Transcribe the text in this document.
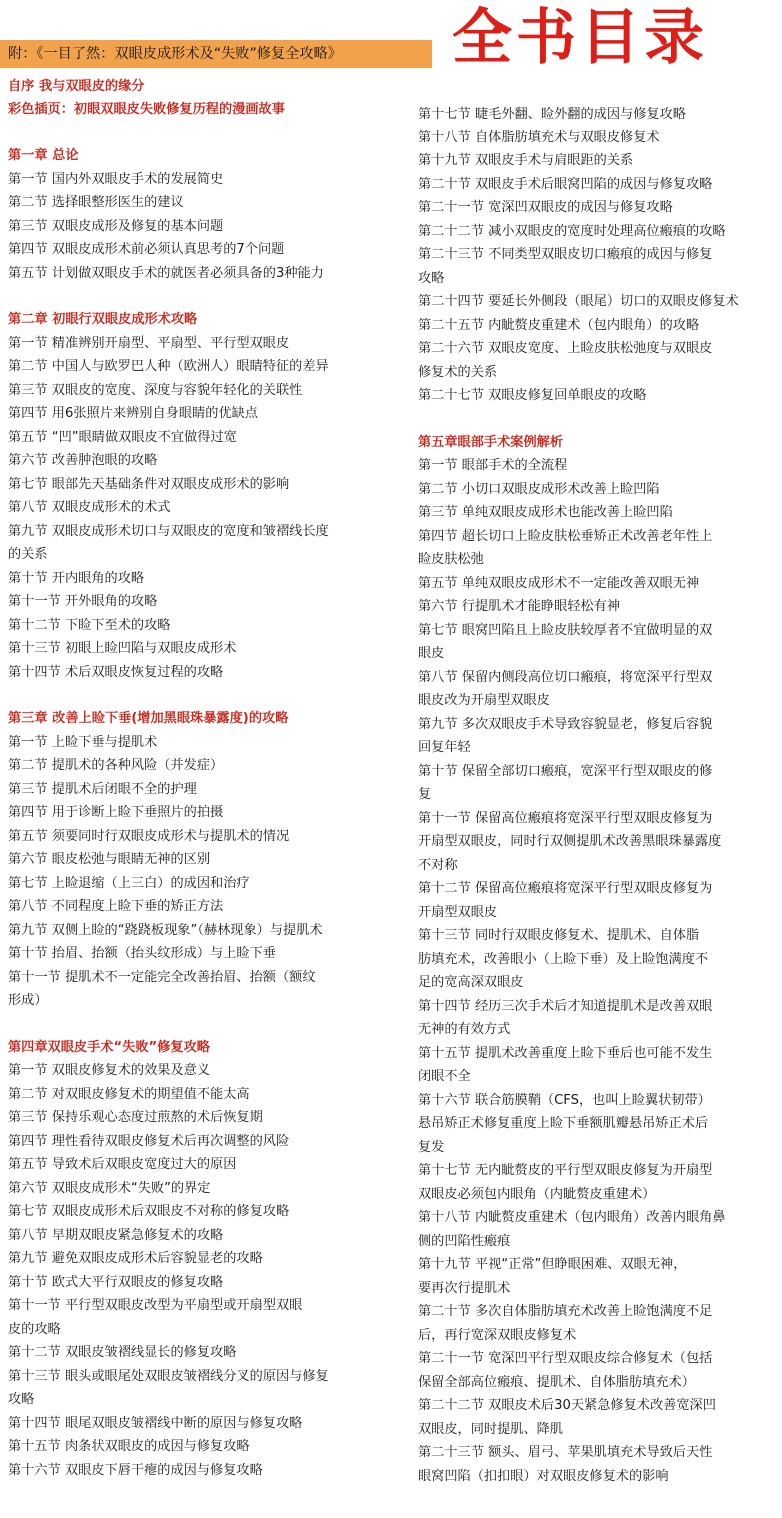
附：《一目了然：双眼皮成形术及“失败”修复全攻略》	全书目录
自序 我与双眼皮的缘分
彩色插页：初眼双眼皮失败修复历程的漫画故事
第一章 总论
第一节 国内外双眼皮手术的发展简史
第二节 选择眼整形医生的建议
第三节 双眼皮成形及修复的基本问题
第四节 双眼皮成形术前必须认真思考的7个问题
第五节 计划做双眼皮手术的就医者必须具备的3种能力
第二章 初眼行双眼皮成形术攻略
第一节 精准辨别开扇型、平扇型、平行型双眼皮
第二节 中国人与欧罗巴人种（欧洲人）眼睛特征的差异
第三节 双眼皮的宽度、深度与容貌年轻化的关联性
第四节 用6张照片来辨别自身眼睛的优缺点
第五节 “凹”眼睛做双眼皮不宜做得过宽
第六节 改善肿泡眼的攻略
第七节 眼部先天基础条件对双眼皮成形术的影响
第八节 双眼皮成形术的术式
第九节 双眼皮成形术切口与双眼皮的宽度和皱褶线长度
的关系
第十节 开内眼角的攻略
第十一节 开外眼角的攻略
第十二节 下睑下至术的攻略
第十三节 初眼上睑凹陷与双眼皮成形术
第十四节 术后双眼皮恢复过程的攻略
第三章 改善上睑下垂(增加黑眼珠暴露度)的攻略
第一节 上睑下垂与提肌术
第二节 提肌术的各种风险（并发症）
第三节 提肌术后闭眼不全的护理
第四节 用于诊断上睑下垂照片的拍摄
第五节 须要同时行双眼皮成形术与提肌术的情况
第六节 眼皮松弛与眼睛无神的区别
第七节 上睑退缩（上三白）的成因和治疗
第八节 不同程度上睑下垂的矫正方法
第九节 双侧上睑的“跷跷板现象”（赫林现象）与提肌术
第十节 抬眉、抬额（抬头纹形成）与上睑下垂
第十一节 提肌术不一定能完全改善抬眉、抬额（额纹
形成）
第四章双眼皮手术“失败”修复攻略
第一节 双眼皮修复术的效果及意义
第二节 对双眼皮修复术的期望值不能太高
第三节 保持乐观心态度过煎熬的术后恢复期
第四节 理性看待双眼皮修复术后再次调整的风险
第五节 导致术后双眼皮宽度过大的原因
第六节 双眼皮成形术“失败”的界定
第七节 双眼皮成形术后双眼皮不对称的修复攻略
第八节 早期双眼皮紧急修复术的攻略
第九节 避免双眼皮成形术后容貌显老的攻略
第十节 欧式大平行双眼皮的修复攻略
第十一节 平行型双眼皮改型为平扇型或开扇型双眼
皮的攻略
第十二节 双眼皮皱褶线显长的修复攻略
第十三节 眼头或眼尾处双眼皮皱褶线分叉的原因与修复
攻略
第十四节 眼尾双眼皮皱褶线中断的原因与修复攻略
第十五节 肉条状双眼皮的成因与修复攻略
第十六节 双眼皮下唇干瘪的成因与修复攻略
第十七节 睫毛外翻、睑外翻的成因与修复攻略
第十八节 自体脂肪填充术与双眼皮修复术
第十九节 双眼皮手术与肩眼距的关系
第二十节 双眼皮手术后眼窝凹陷的成因与修复攻略
第二十一节 宽深凹双眼皮的成因与修复攻略
第二十二节 减小双眼皮的宽度时处理高位瘢痕的攻略
第二十三节 不同类型双眼皮切口瘢痕的成因与修复
攻略
第二十四节 要延长外侧段（眼尾）切口的双眼皮修复术
第二十五节 内眦赘皮重建术（包内眼角）的攻略
第二十六节 双眼皮宽度、上睑皮肤松弛度与双眼皮
修复术的关系
第二十七节 双眼皮修复回单眼皮的攻略
第五章眼部手术案例解析
第一节 眼部手术的全流程
第二节 小切口双眼皮成形术改善上睑凹陷
第三节 单纯双眼皮成形术也能改善上睑凹陷
第四节 超长切口上睑皮肤松垂矫正术改善老年性上
睑皮肤松弛
第五节 单纯双眼皮成形术不一定能改善双眼无神
第六节 行提肌术才能睁眼轻松有神
第七节 眼窝凹陷且上睑皮肤较厚者不宜做明显的双
眼皮
第八节 保留内侧段高位切口瘢痕，将宽深平行型双
眼皮改为开扇型双眼皮
第九节 多次双眼皮手术导致容貌显老，修复后容貌
回复年轻
第十节 保留全部切口瘢痕，宽深平行型双眼皮的修
复
第十一节 保留高位瘢痕将宽深平行型双眼皮修复为
开扇型双眼皮，同时行双侧提肌术改善黑眼珠暴露度
不对称
第十二节 保留高位瘢痕将宽深平行型双眼皮修复为
开扇型双眼皮
第十三节 同时行双眼皮修复术、提肌术、自体脂
肪填充术，改善眼小（上睑下垂）及上睑饱满度不
足的宽高深双眼皮
第十四节 经历三次手术后才知道提肌术是改善双眼
无神的有效方式
第十五节 提肌术改善重度上睑下垂后也可能不发生
闭眼不全
第十六节 联合筋膜鞘（CFS，也叫上睑翼状韧带）
悬吊矫正术修复重度上睑下垂额肌瓣悬吊矫正术后
复发
第十七节 无内眦赘皮的平行型双眼皮修复为开扇型
双眼皮必须包内眼角（内眦赘皮重建术）
第十八节 内眦赘皮重建术（包内眼角）改善内眼角鼻
侧的凹陷性瘢痕
第十九节 平视“正常”但睁眼困难、双眼无神，
要再次行提肌术
第二十节 多次自体脂肪填充术改善上睑饱满度不足
后，再行宽深双眼皮修复术
第二十一节 宽深凹平行型双眼皮综合修复术（包括
保留全部高位瘢痕、提肌术、自体脂肪填充术）
第二十二节 双眼皮术后30天紧急修复术改善宽深凹
双眼皮，同时提肌、降肌
第二十三节 额头、眉弓、苹果肌填充术导致后天性
眼窝凹陷（扣扣眼）对双眼皮修复术的影响
